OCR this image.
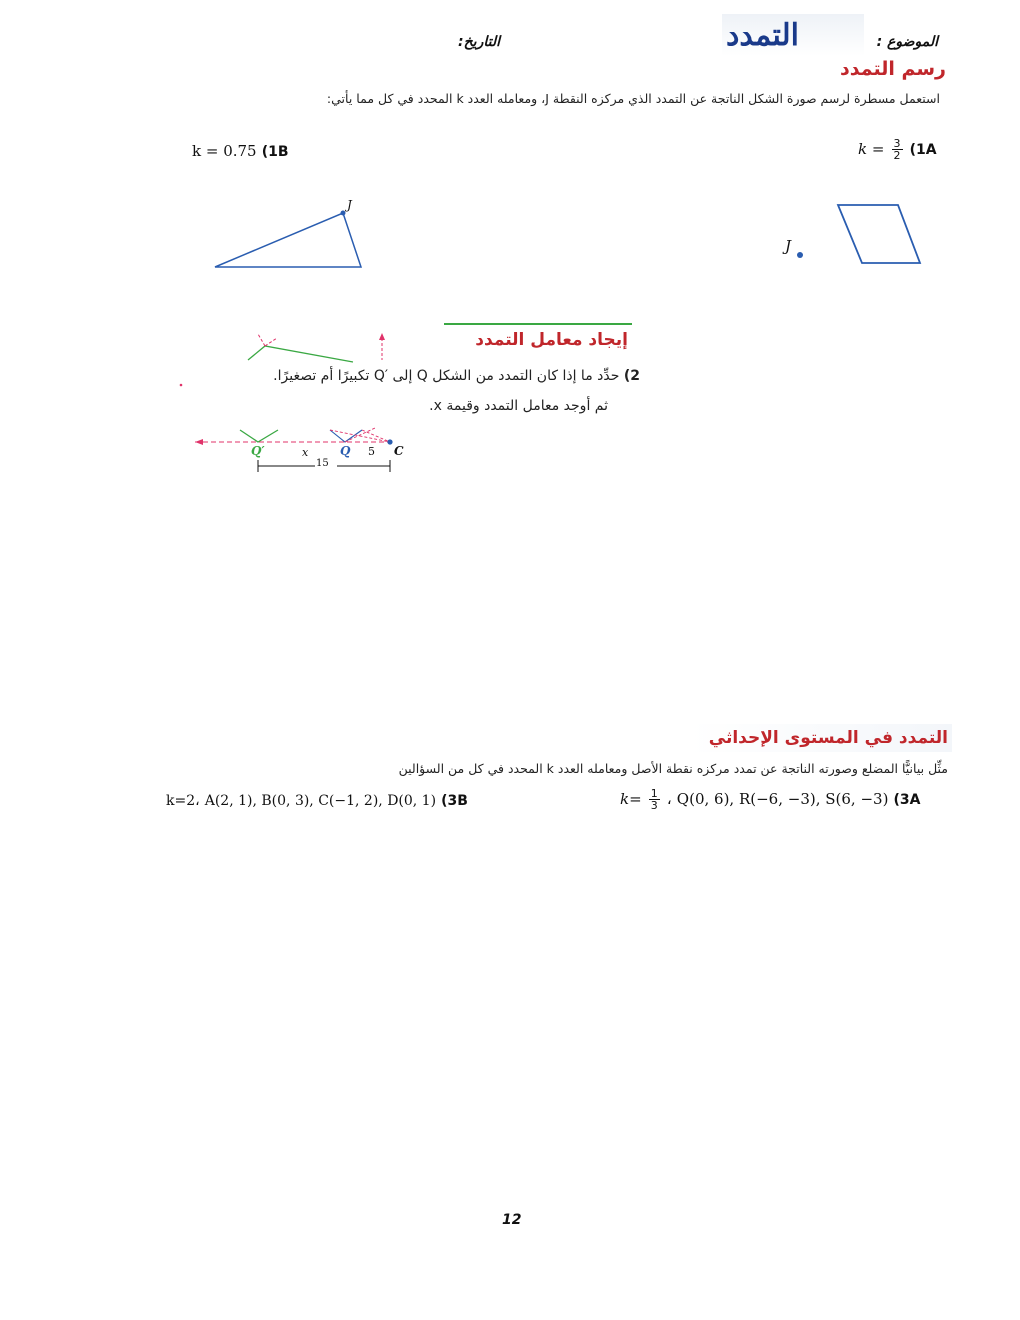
التاريخ:	التمدد	الموضوع :
رسم التمدد
استعمل مسطرة لرسم صورة الشكل الناتجة عن التمدد الذي مركزه النقطة J، ومعامله العدد k المحدد في كل مما يأتي:
$k = \frac{3}{2} (1A$
k = 0.75 (1B
J
J
إيجاد معامل التمدد
2) حدِّد ما إذا كان التمدد من الشكل Q إلى ′Q تكبيرًا أم تصغيرًا.
ثم أوجد معامل التمدد وقيمة x.
Q′	x	Q 5 C
15
التمدد في المستوى الإحداثي
مثِّل بيانيًّا المضلع وصورته الناتجة عن تمدد مركزه نقطة الأصل ومعامله العدد k المحدد في كل من السؤالين
$k= \frac{1}{3}$ ، Q(0, 6), R(−6, −3), S(6, −3) (3A
k=2، A(2, 1), B(0, 3), C(−1, 2), D(0, 1) (3B
12
